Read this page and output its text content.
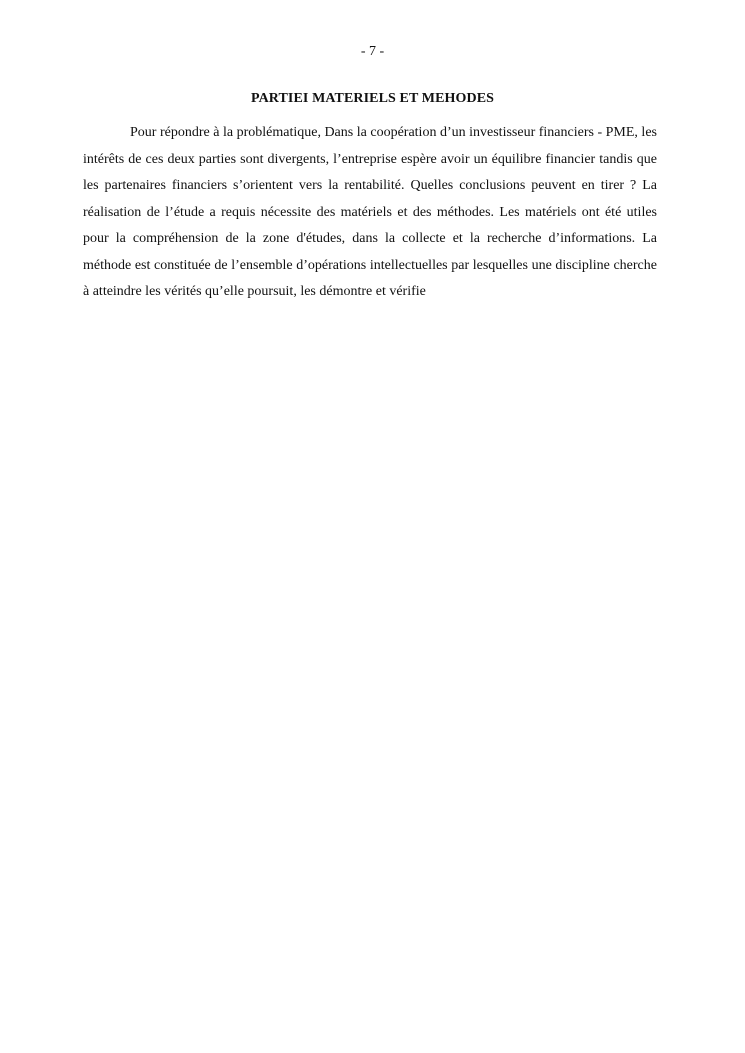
- 7 -
PARTIEI MATERIELS ET MEHODES

Pour répondre à la problématique, Dans la coopération d’un investisseur financiers - PME, les intérêts de ces deux parties sont divergents, l’entreprise espère avoir un équilibre financier tandis que les partenaires financiers s’orientent vers la rentabilité. Quelles conclusions peuvent en tirer ? La réalisation de l’étude a requis nécessite des matériels et des méthodes. Les matériels ont été utiles pour la compréhension de la zone d'études, dans la collecte et la recherche d’informations. La méthode est constituée de l’ensemble d’opérations intellectuelles par lesquelles une discipline cherche à atteindre les vérités qu’elle poursuit, les démontre et vérifie
